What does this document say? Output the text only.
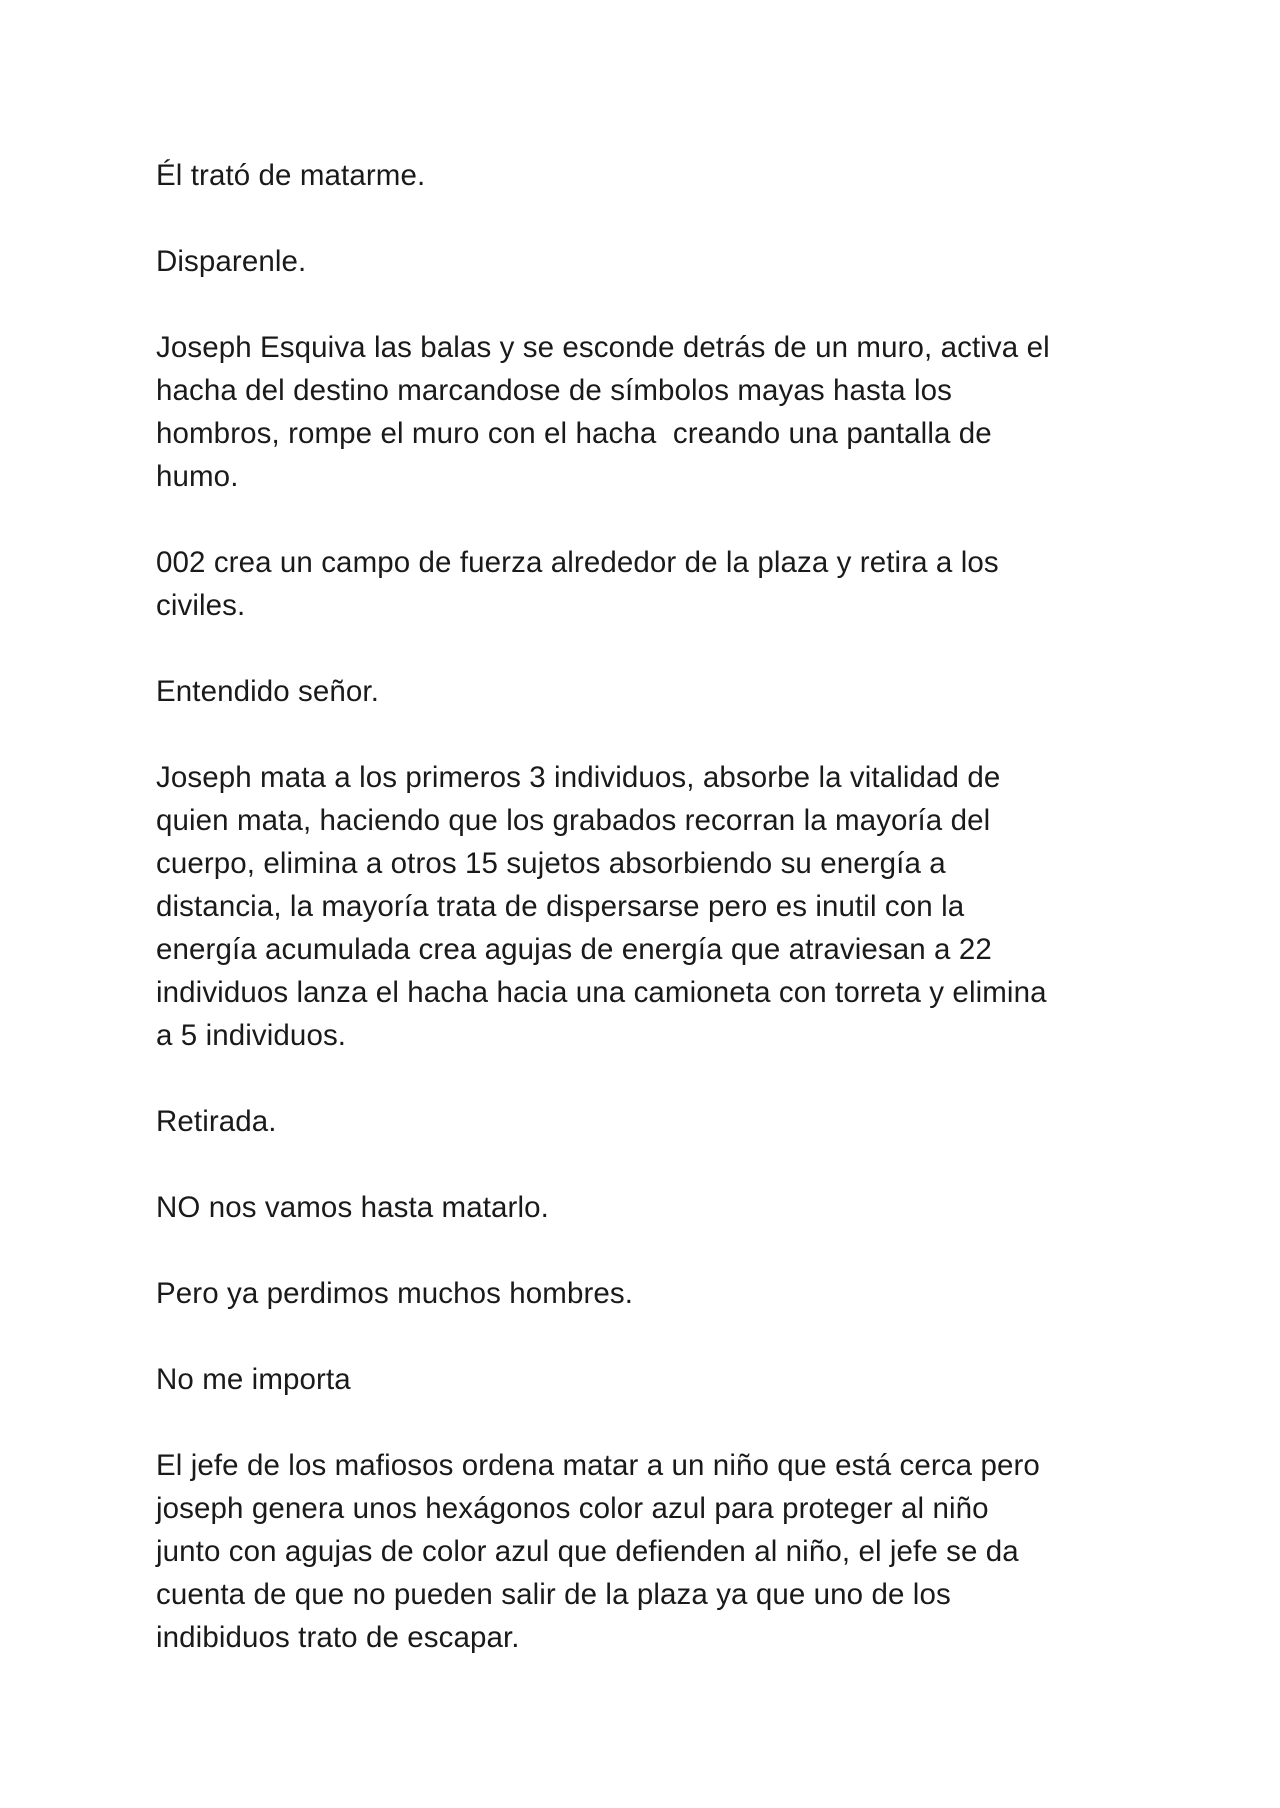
Él trató de matarme.

Disparenle.

Joseph Esquiva las balas y se esconde detrás de un muro, activa el
hacha del destino marcandose de símbolos mayas hasta los
hombros, rompe el muro con el hacha  creando una pantalla de
humo.

002 crea un campo de fuerza alrededor de la plaza y retira a los
civiles.

Entendido señor.

Joseph mata a los primeros 3 individuos, absorbe la vitalidad de
quien mata, haciendo que los grabados recorran la mayoría del
cuerpo, elimina a otros 15 sujetos absorbiendo su energía a
distancia, la mayoría trata de dispersarse pero es inutil con la
energía acumulada crea agujas de energía que atraviesan a 22
individuos lanza el hacha hacia una camioneta con torreta y elimina
a 5 individuos.

Retirada.

NO nos vamos hasta matarlo.

Pero ya perdimos muchos hombres.

No me importa

El jefe de los mafiosos ordena matar a un niño que está cerca pero
joseph genera unos hexágonos color azul para proteger al niño
junto con agujas de color azul que defienden al niño, el jefe se da
cuenta de que no pueden salir de la plaza ya que uno de los
indibiduos trato de escapar.
